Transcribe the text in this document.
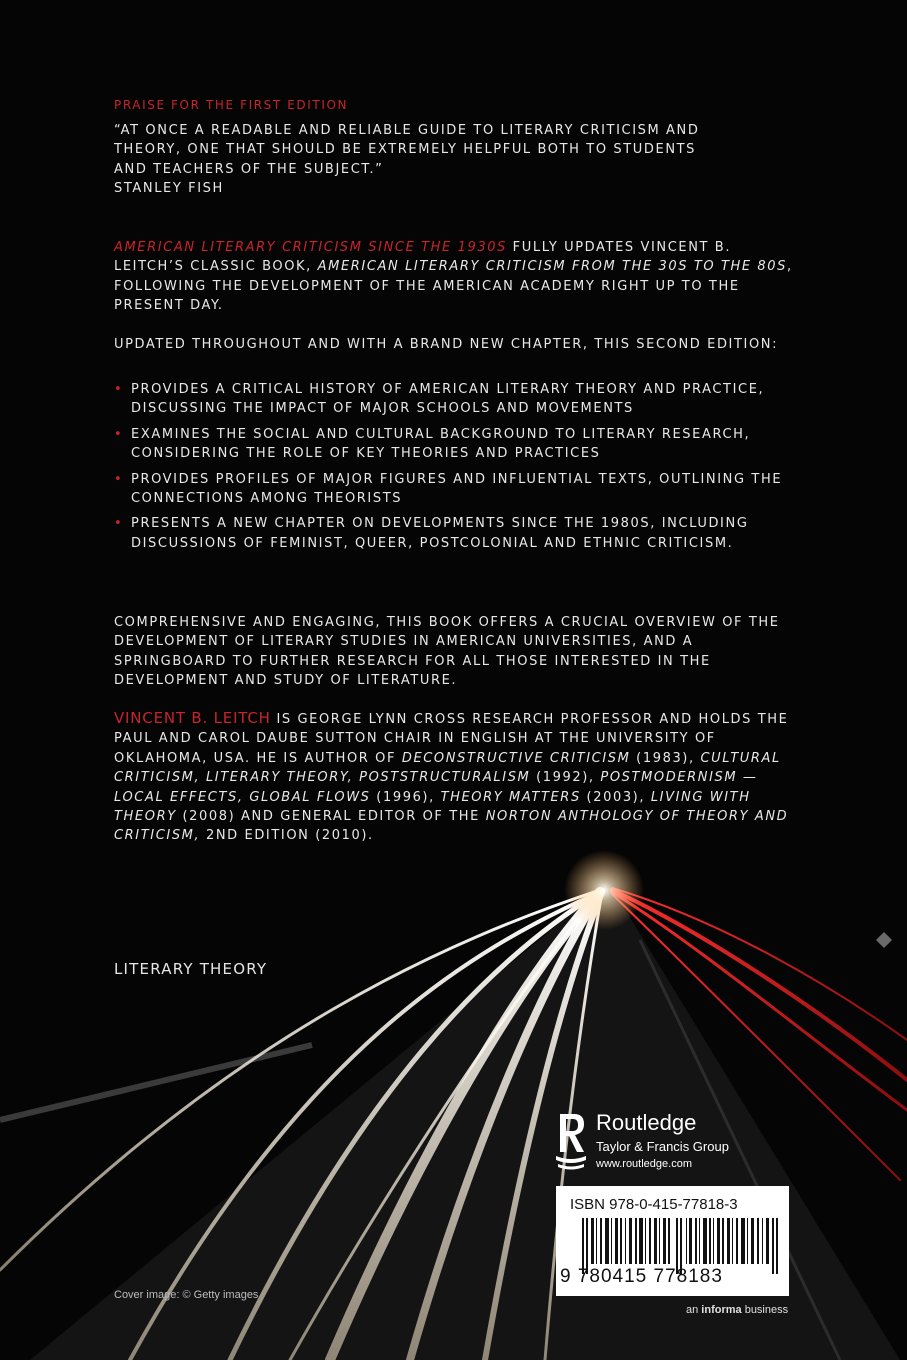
PRAISE FOR THE FIRST EDITION

“AT ONCE A READABLE AND RELIABLE GUIDE TO LITERARY CRITICISM AND

THEORY, ONE THAT SHOULD BE EXTREMELY HELPFUL BOTH TO STUDENTS

AND TEACHERS OF THE SUBJECT.”

STANLEY FISH

AMERICAN LITERARY CRITICISM SINCE THE 1930S FULLY UPDATES VINCENT B. LEITCH’S CLASSIC BOOK, AMERICAN LITERARY CRITICISM FROM THE 30S TO THE 80S, FOLLOWING THE DEVELOPMENT OF THE AMERICAN ACADEMY RIGHT UP TO THE PRESENT DAY.

UPDATED THROUGHOUT AND WITH A BRAND NEW CHAPTER, THIS SECOND EDITION:
• PROVIDES A CRITICAL HISTORY OF AMERICAN LITERARY THEORY AND PRACTICE, DISCUSSING THE IMPACT OF MAJOR SCHOOLS AND MOVEMENTS
• EXAMINES THE SOCIAL AND CULTURAL BACKGROUND TO LITERARY RESEARCH, CONSIDERING THE ROLE OF KEY THEORIES AND PRACTICES
• PROVIDES PROFILES OF MAJOR FIGURES AND INFLUENTIAL TEXTS, OUTLINING THE CONNECTIONS AMONG THEORISTS
• PRESENTS A NEW CHAPTER ON DEVELOPMENTS SINCE THE 1980S, INCLUDING DISCUSSIONS OF FEMINIST, QUEER, POSTCOLONIAL AND ETHNIC CRITICISM.
COMPREHENSIVE AND ENGAGING, THIS BOOK OFFERS A CRUCIAL OVERVIEW OF THE DEVELOPMENT OF LITERARY STUDIES IN AMERICAN UNIVERSITIES, AND A SPRINGBOARD TO FURTHER RESEARCH FOR ALL THOSE INTERESTED IN THE DEVELOPMENT AND STUDY OF LITERATURE.

VINCENT B. LEITCH IS GEORGE LYNN CROSS RESEARCH PROFESSOR AND HOLDS THE PAUL AND CAROL DAUBE SUTTON CHAIR IN ENGLISH AT THE UNIVERSITY OF OKLAHOMA, USA. HE IS AUTHOR OF DECONSTRUCTIVE CRITICISM (1983), CULTURAL CRITICISM, LITERARY THEORY, POSTSTRUCTURALISM (1992), POSTMODERNISM — LOCAL EFFECTS, GLOBAL FLOWS (1996), THEORY MATTERS (2003), LIVING WITH THEORY (2008) AND GENERAL EDITOR OF THE NORTON ANTHOLOGY OF THEORY AND CRITICISM, 2ND EDITION (2010).

LITERARY THEORY
Routledge
Taylor & Francis Group
www.routledge.com
ISBN 978-0-415-77818-3
9 780415 778183
an informa business
Cover image: © Getty images
